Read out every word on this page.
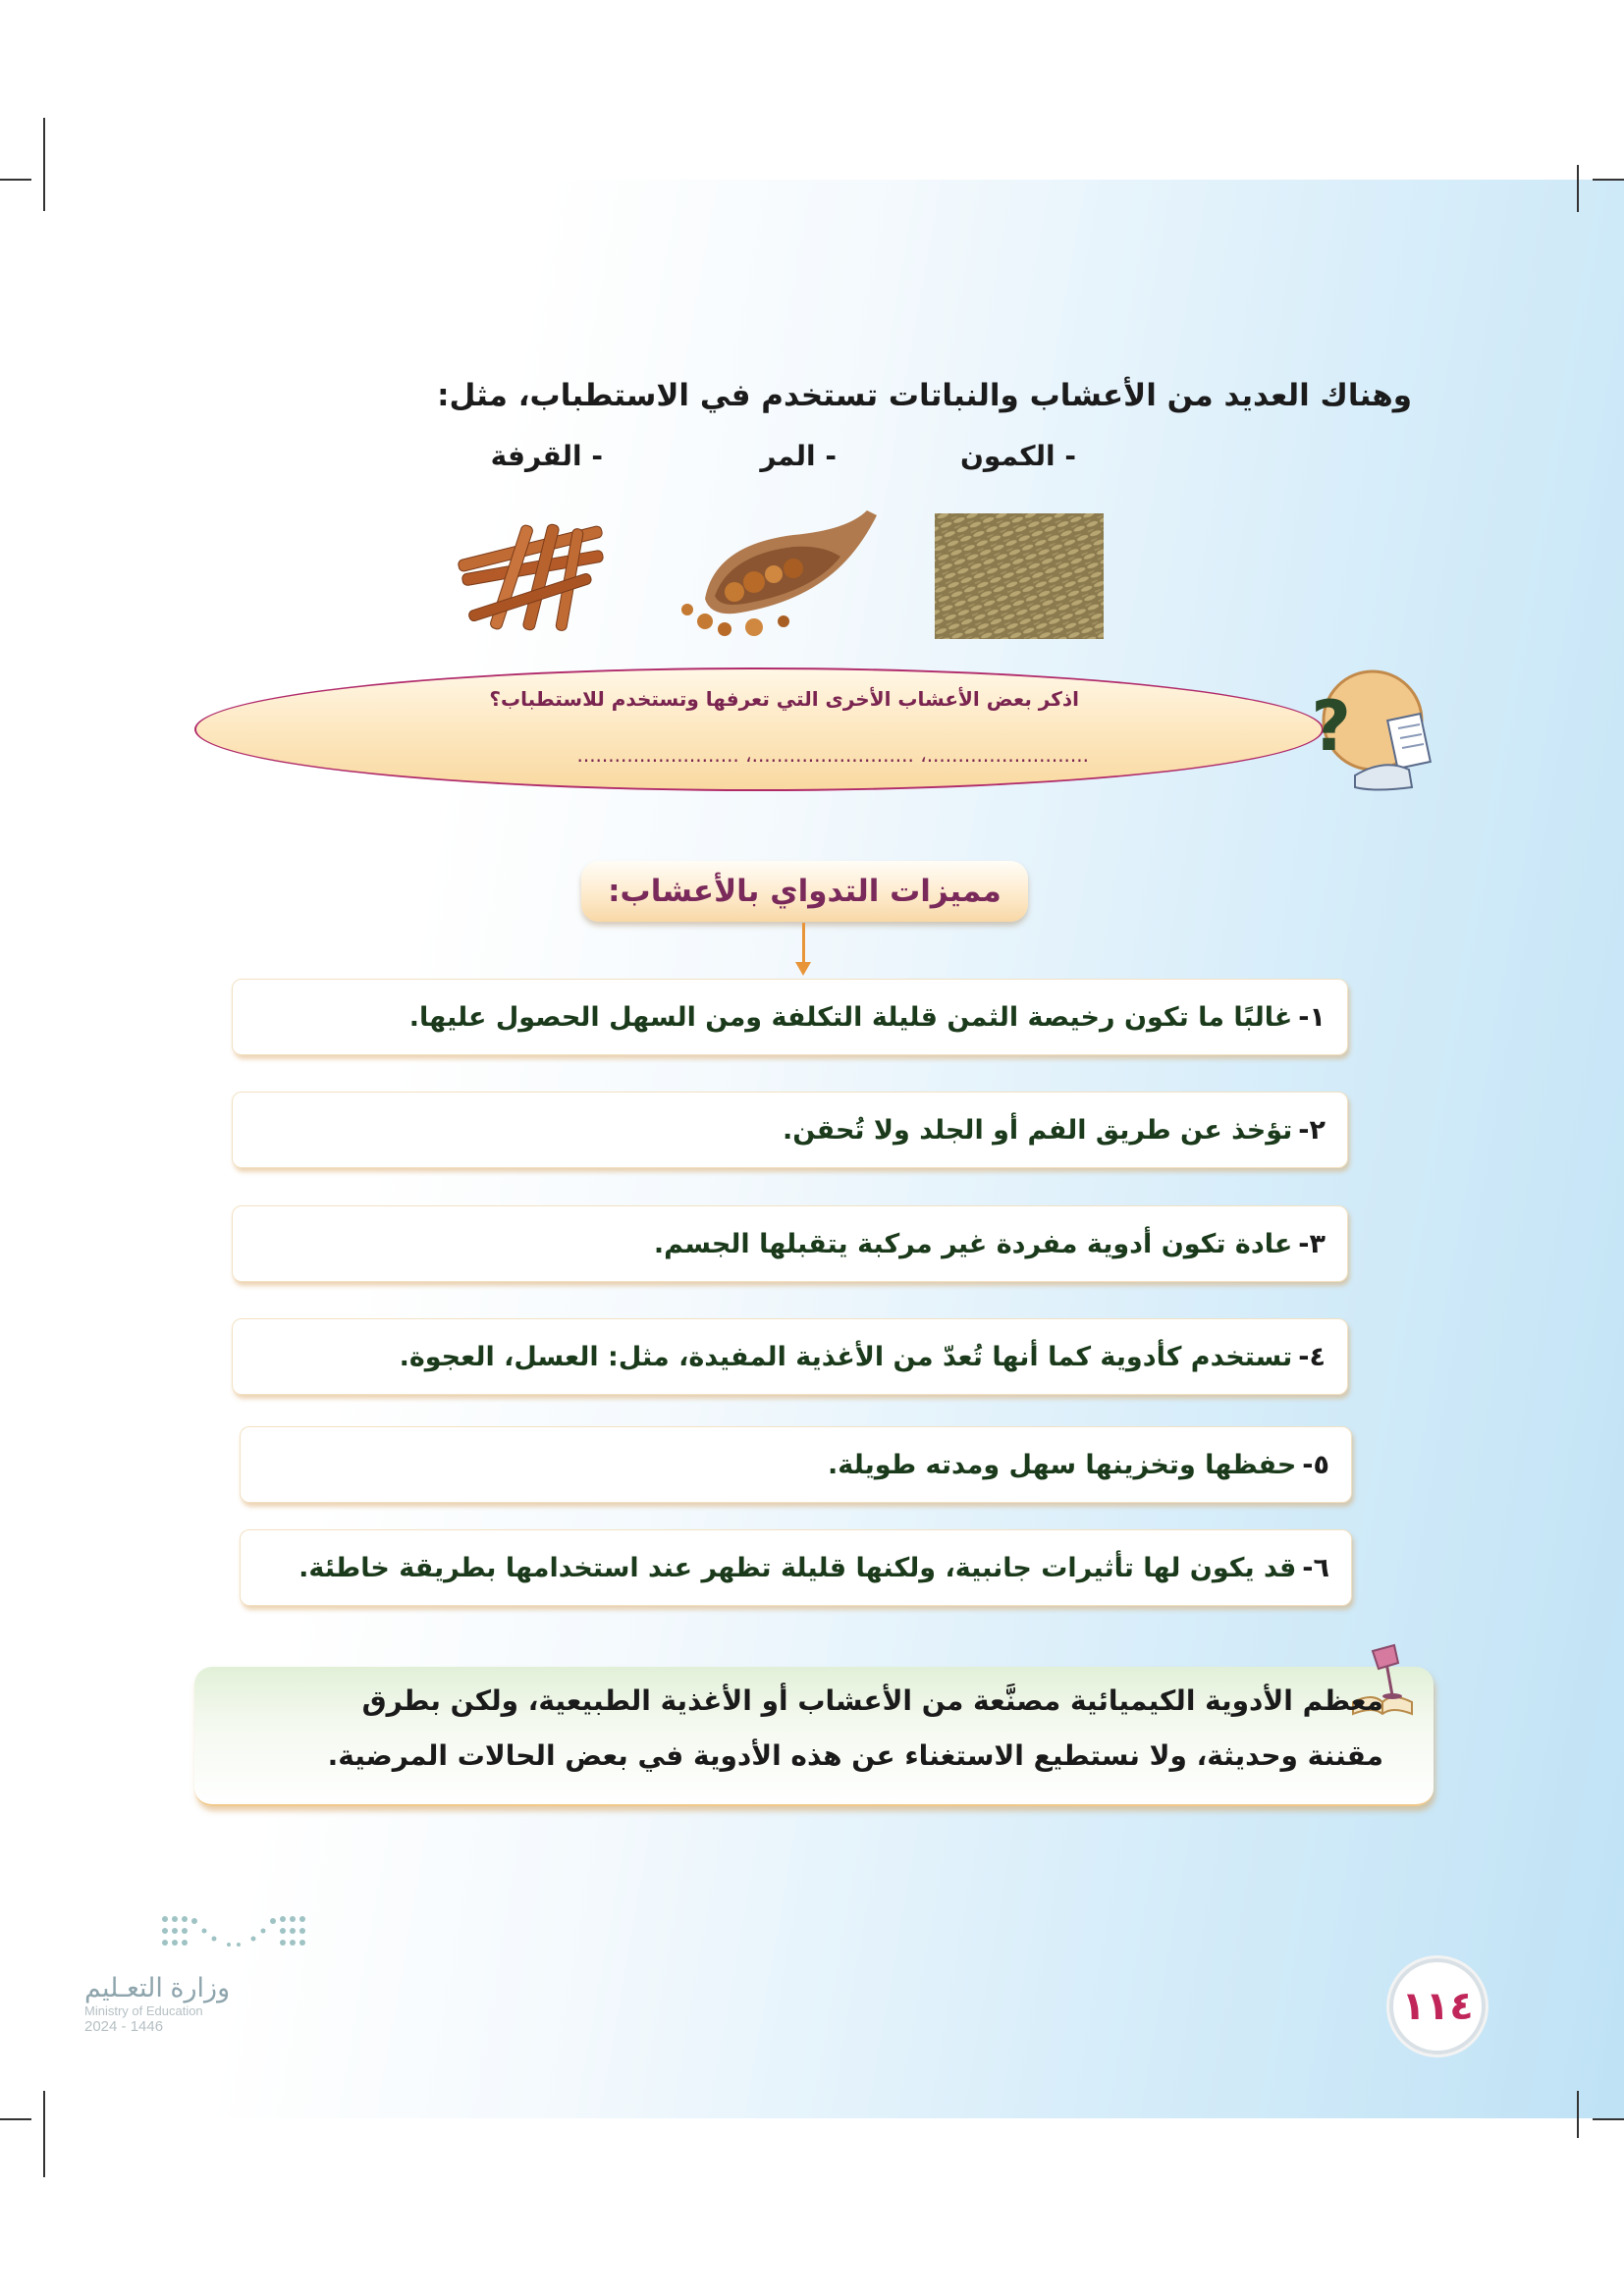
وهناك العديد من الأعشاب والنباتات تستخدم في الاستطباب، مثل:
- الكمون
- المر
- القرفة
اذكر بعض الأعشاب الأخرى التي تعرفها وتستخدم للاستطباب؟
..........................، ..........................، ..........................	?
مميزات التدواي بالأعشاب:
١-
غالبًا ما تكون رخيصة الثمن قليلة التكلفة ومن السهل الحصول عليها.
٢-
تؤخذ عن طريق الفم أو الجلد ولا تُحقن.
٣-
عادة تكون أدوية مفردة غير مركبة يتقبلها الجسم.
٤-
تستخدم كأدوية كما أنها تُعدّ من الأغذية المفيدة، مثل: العسل، العجوة.
٥-
حفظها وتخزينها سهل ومدته طويلة.
٦-
قد يكون لها تأثيرات جانبية، ولكنها قليلة تظهر عند استخدامها بطريقة خاطئة.
معظم الأدوية الكيميائية مصنَّعة من الأعشاب أو الأغذية الطبيعية، ولكن بطرق
مقننة وحديثة، ولا نستطيع الاستغناء عن هذه الأدوية في بعض الحالات المرضية.
وزارة التعـليم
Ministry of Education
2024 - 1446	١١٤
